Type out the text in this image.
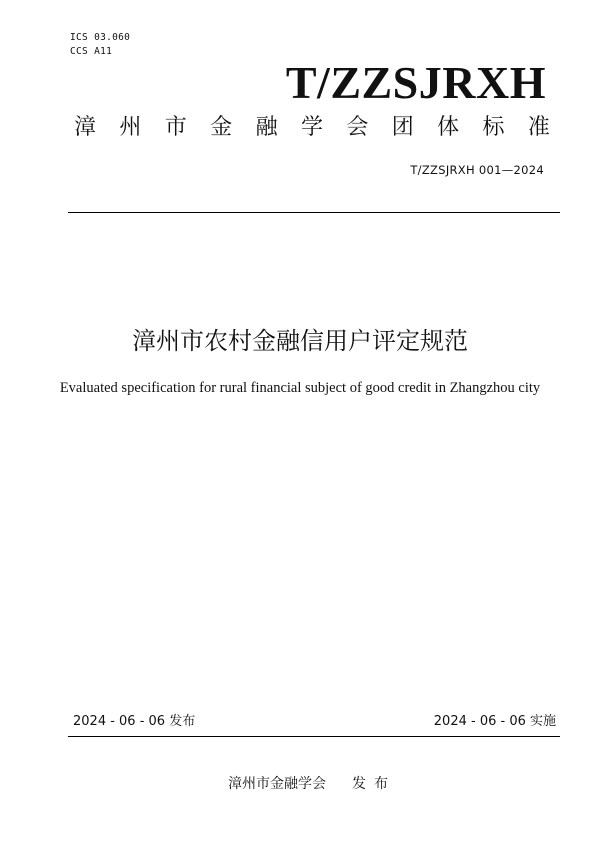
ICS 03.060
CCS A11
T/ZZSJRXH
漳 州 市 金 融 学 会 团 体 标 准
T/ZZSJRXH 001—2024
漳州市农村金融信用户评定规范
Evaluated specification for rural financial subject of good credit in Zhangzhou city
2024 - 06 - 06 发布	2024 - 06 - 06 实施
漳州市金融学会 发布
